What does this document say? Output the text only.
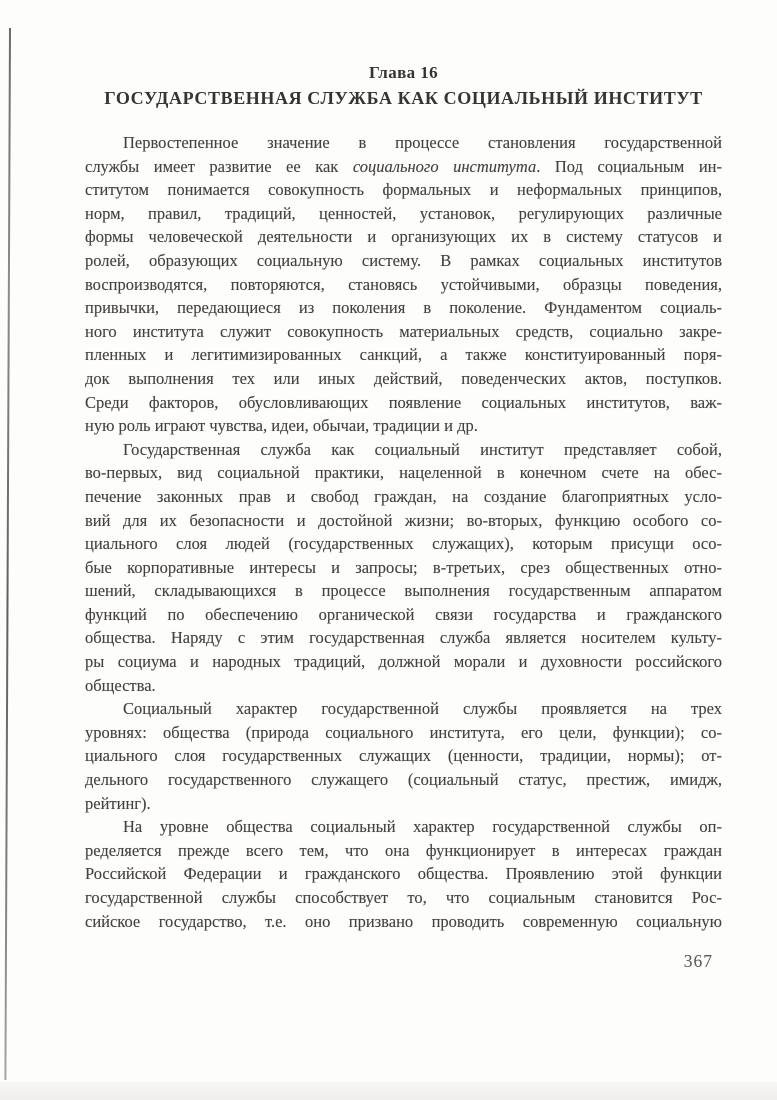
Глава 16
ГОСУДАРСТВЕННАЯ СЛУЖБА КАК СОЦИАЛЬНЫЙ ИНСТИТУТ
Первостепенное значение в процессе становления государственной
службы имеет развитие ее как социального института. Под социальным ин-
ститутом понимается совокупность формальных и неформальных принципов,
норм, правил, традиций, ценностей, установок, регулирующих различные
формы человеческой деятельности и организующих их в систему статусов и
ролей, образующих социальную систему. В рамках социальных институтов
воспроизводятся, повторяются, становясь устойчивыми, образцы поведения,
привычки, передающиеся из поколения в поколение. Фундаментом социаль-
ного института служит совокупность материальных средств, социально закре-
пленных и легитимизированных санкций, а также конституированный поря-
док выполнения тех или иных действий, поведенческих актов, поступков.
Среди факторов, обусловливающих появление социальных институтов, важ-
ную роль играют чувства, идеи, обычаи, традиции и др.
Государственная служба как социальный институт представляет собой,
во-первых, вид социальной практики, нацеленной в конечном счете на обес-
печение законных прав и свобод граждан, на создание благоприятных усло-
вий для их безопасности и достойной жизни; во-вторых, функцию особого со-
циального слоя людей (государственных служащих), которым присущи осо-
бые корпоративные интересы и запросы; в-третьих, срез общественных отно-
шений, складывающихся в процессе выполнения государственным аппаратом
функций по обеспечению органической связи государства и гражданского
общества. Наряду с этим государственная служба является носителем культу-
ры социума и народных традиций, должной морали и духовности российского
общества.
Социальный характер государственной службы проявляется на трех
уровнях: общества (природа социального института, его цели, функции); со-
циального слоя государственных служащих (ценности, традиции, нормы); от-
дельного государственного служащего (социальный статус, престиж, имидж,
рейтинг).
На уровне общества социальный характер государственной службы оп-
ределяется прежде всего тем, что она функционирует в интересах граждан
Российской Федерации и гражданского общества. Проявлению этой функции
государственной службы способствует то, что социальным становится Рос-
сийское государство, т.е. оно призвано проводить современную социальную
367
